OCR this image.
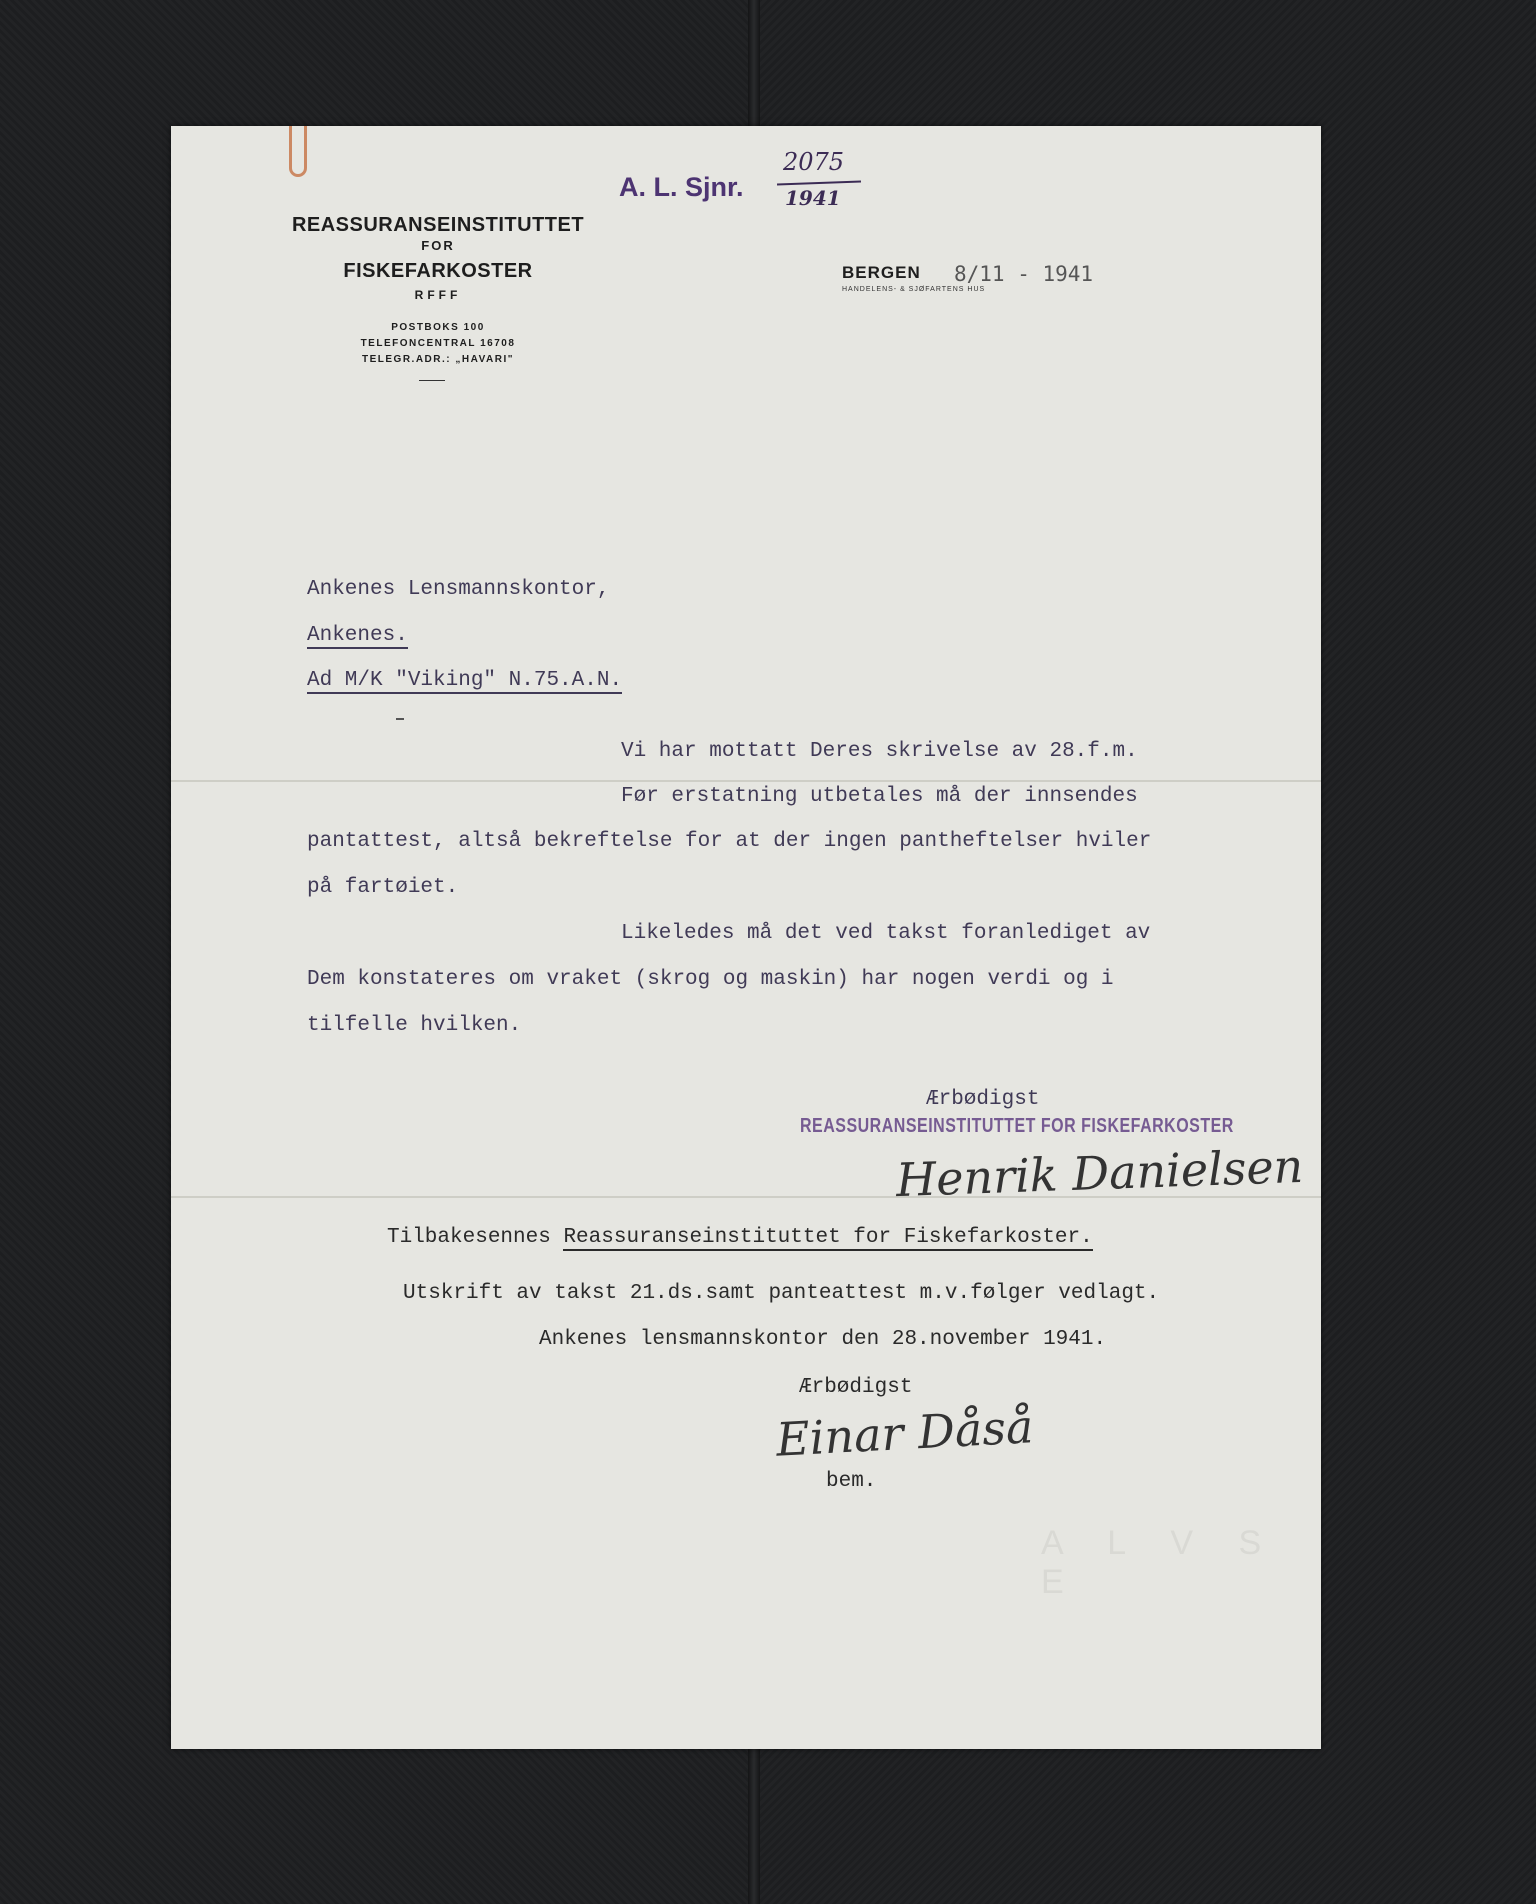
REASSURANSEINSTITUTTET
FOR
FISKEFARKOSTER
RFFF
POSTBOKS 100
TELEFONCENTRAL 16708
TELEGR.ADR.: „HAVARI"
A. L. Sjnr.
2075
1941
BERGEN
HANDELENS- & SJØFARTENS HUS
8/11 - 1941
Ankenes Lensmannskontor,
Ankenes.
Ad M/K "Viking" N.75.A.N.
Vi har mottatt Deres skrivelse av 28.f.m.
Før erstatning utbetales må der innsendes
pantattest, altså bekreftelse for at der ingen pantheftelser hviler
på fartøiet.
Likeledes må det ved takst foranlediget av
Dem konstateres om vraket (skrog og maskin) har nogen verdi og i
tilfelle hvilken.
Ærbødigst
REASSURANSEINSTITUTTET FOR FISKEFARKOSTER
Henrik Danielsen
Tilbakesennes Reassuranseinstituttet for Fiskefarkoster.
Utskrift av takst 21.ds.samt panteattest m.v.følger vedlagt.
Ankenes lensmannskontor den 28.november 1941.
Ærbødigst
Einar Dåså
bem.
A L V S E
